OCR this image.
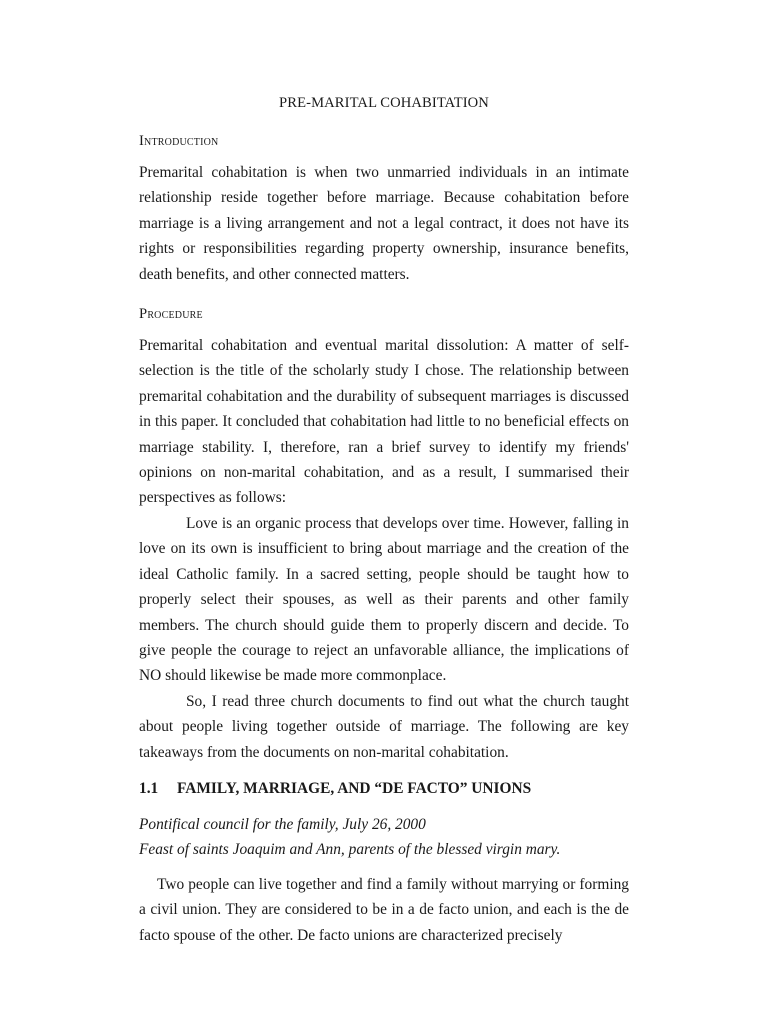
PRE-MARITAL COHABITATION
Introduction

Premarital cohabitation is when two unmarried individuals in an intimate relationship reside together before marriage. Because cohabitation before marriage is a living arrangement and not a legal contract, it does not have its rights or responsibilities regarding property ownership, insurance benefits, death benefits, and other connected matters.

Procedure

Premarital cohabitation and eventual marital dissolution: A matter of self-selection is the title of the scholarly study I chose. The relationship between premarital cohabitation and the durability of subsequent marriages is discussed in this paper. It concluded that cohabitation had little to no beneficial effects on marriage stability. I, therefore, ran a brief survey to identify my friends' opinions on non-marital cohabitation, and as a result, I summarised their perspectives as follows:

Love is an organic process that develops over time. However, falling in love on its own is insufficient to bring about marriage and the creation of the ideal Catholic family. In a sacred setting, people should be taught how to properly select their spouses, as well as their parents and other family members. The church should guide them to properly discern and decide. To give people the courage to reject an unfavorable alliance, the implications of NO should likewise be made more commonplace.

So, I read three church documents to find out what the church taught about people living together outside of marriage. The following are key takeaways from the documents on non-marital cohabitation.

1.1 FAMILY, MARRIAGE, AND “DE FACTO” UNIONS

Pontifical council for the family, July 26, 2000

Feast of saints Joaquim and Ann, parents of the blessed virgin mary.

Two people can live together and find a family without marrying or forming a civil union. They are considered to be in a de facto union, and each is the de facto spouse of the other. De facto unions are characterized precisely
